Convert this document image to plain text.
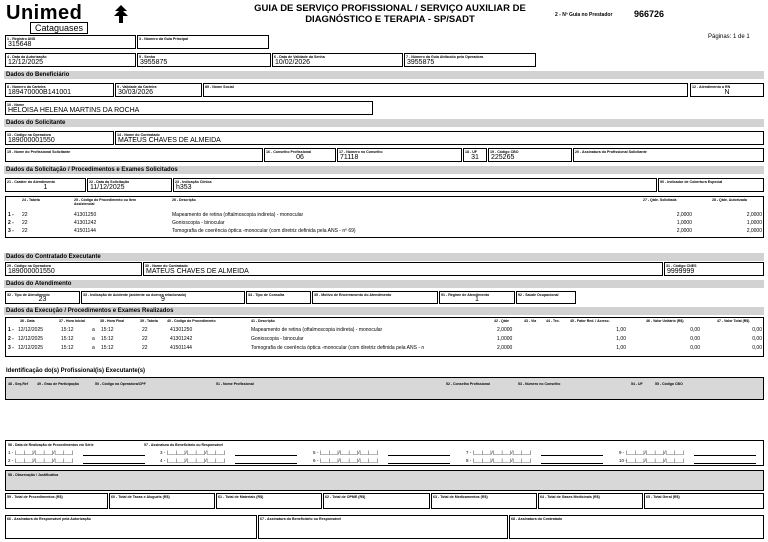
Unimed
Cataguases
GUIA DE SERVIÇO PROFISSIONAL / SERVIÇO AUXILIAR DE
DIAGNÓSTICO E TERAPIA - SP/SADT	2 - Nº Guia no Prestador 966726
Páginas: 1 de 1
1 - Registro ANS
315648
3 - Número da Guia Principal
4 - Data da Autorização
12/12/2025
5 - Senha
3955875
6 - Data de Validade da Senha
10/02/2026
7 - Número da Guia Atribuído pela Operadora
3955875
Dados do Beneficiário
8 - Número da Carteira
189470000B141001
9 - Validade da Carteira
30/03/2026
89 - Nome Social	12 - Atendimento a RN
N
10 - Nome
HELOISA HELENA MARTINS DA ROCHA
Dados do Solicitante
13 - Código na Operadora
189000001550
14 - Nome do Contratado
MATEUS CHAVES DE ALMEIDA
15 - Nome do Profissional Solicitante	16 - Conselho Profissional
06
17 - Número no Conselho
71118
18 - UF
31
19 - Código CBO
225265
20 - Assinatura do Profissional Solicitante
Dados da Solicitação / Procedimentos e Exames Solicitados
21 - Caráter do Atendimento
1
22 - Data da Solicitação
11/12/2025
23 - Indicação Clínica
h353
90 - Indicador de Cobertura Especial
24 - Tabela	25 - Código do Procedimento ou Item Assistencial
26 - Descrição	27 - Qtde. Solicitada	28 - Qtde. Autorizada
1 - 22	41301250	Mapeamento de retina (oftalmoscopia indireta) - monocular	2,0000	2,0000
2 - 22	41301242	Gonioscopia - binocular	1,0000	1,0000
3 - 22	41501144	Tomografia de coerência óptica -monocular (com diretriz definida pela ANS - nº 69)	2,0000	2,0000
Dados do Contratado Executante
29 - Código na Operadora
189000001550
30 - Nome do Contratado
MATEUS CHAVES DE ALMEIDA
31 - Código CNES
9999999
Dados do Atendimento
32 - Tipo de Atendimento
23
33 - Indicação de Acidente (acidente ou doença relacionado)
9
34 - Tipo de Consulta	35 - Motivo de Encerramento do Atendimento	91 - Regime de Atendimento
1
92 - Saúde Ocupacional
Dados da Execução / Procedimentos e Exames Realizados
36 - Data	37 - Hora Inicial	38 - Hora Final	39 - Tabela	40 - Código do Procedimento	41 - Descrição	42 - Qtde	43 - Via	44 - Tec.	45 - Fator Red. / Acresc.	46 - Valor Unitário (R$)	47 - Valor Total (R$)
1 - 12/12/2025	15:12	a 15:12	22	41301250	Mapeamento de retina (oftalmoscopia indireta) - monocular	2,0000	1,00	0,00	0,00
2 - 12/12/2025	15:12	a 15:12	22	41301242	Gonioscopia - binocular	1,0000	1,00	0,00	0,00
3 - 12/12/2025	15:12	a 15:12	22	41501144	Tomografia de coerência óptica -monocular (com diretriz definida pela ANS - n	2,0000	1,00	0,00	0,00
Identificação do(s) Profissional(is) Executante(s)
48 - Seq.Ref	49 - Grau de Participação	50 - Código na Operadora/CPF	51 - Nome Profissional	52 - Conselho Profissional	53 - Número no Conselho	54 - UF	55 - Código CBO
56 - Data de Realização de Procedimentos em Série	57 - Assinatura do Beneficiário ou Responsável
1 - |___|___|/|___|___|/|___|___|
2 - |___|___|/|___|___|/|___|___|
3 - |___|___|/|___|___|/|___|___|
4 - |___|___|/|___|___|/|___|___|
5 - |___|___|/|___|___|/|___|___|
6 - |___|___|/|___|___|/|___|___|
7 - |___|___|/|___|___|/|___|___|
8 - |___|___|/|___|___|/|___|___|
9 - |___|___|/|___|___|/|___|___|
10 - |___|___|/|___|___|/|___|___|
58 - Observação / Justificativa
59 - Total de Procedimentos (R$)	60 - Total de Taxas e Aluguéis (R$)	61 - Total de Materiais (R$)	62 - Total de OPME (R$)	63 - Total de Medicamentos (R$)	64 - Total de Gases Medicinais (R$)	65 - Total Geral (R$)
66 - Assinatura do Responsável pela Autorização	67 - Assinatura do Beneficiário ou Responsável	68 - Assinatura do Contratado
